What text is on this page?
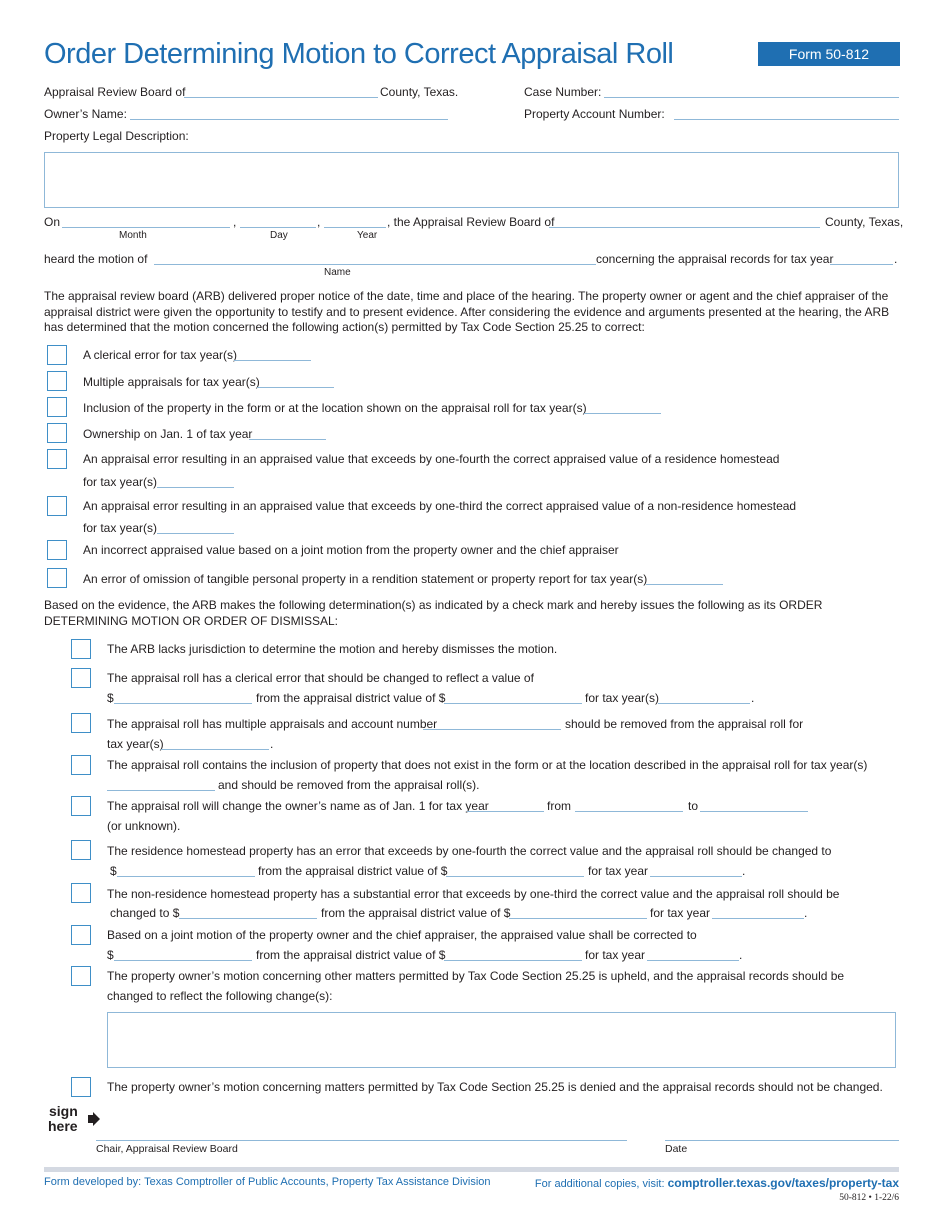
Order Determining Motion to Correct Appraisal Roll	Form 50-812
Appraisal Review Board of	County, Texas.	Case Number:
Owner’s Name:	Property Account Number:
Property Legal Description:
On	,	,	, the Appraisal Review Board of	County, Texas,
Month	Day	Year
heard the motion of	concerning the appraisal records for tax year	.
Name
The appraisal review board (ARB) delivered proper notice of the date, time and place of the hearing. The property owner or agent and the chief appraiser of the appraisal district were given the opportunity to testify and to present evidence. After considering the evidence and arguments presented at the hearing, the ARB has determined that the motion concerned the following action(s) permitted by Tax Code Section 25.25 to correct:
A clerical error for tax year(s)
Multiple appraisals for tax year(s)
Inclusion of the property in the form or at the location shown on the appraisal roll for tax year(s)
Ownership on Jan. 1 of tax year
An appraisal error resulting in an appraised value that exceeds by one-fourth the correct appraised value of a residence homestead
for tax year(s)
An appraisal error resulting in an appraised value that exceeds by one-third the correct appraised value of a non-residence homestead
for tax year(s)
An incorrect appraised value based on a joint motion from the property owner and the chief appraiser
An error of omission of tangible personal property in a rendition statement or property report for tax year(s)
Based on the evidence, the ARB makes the following determination(s) as indicated by a check mark and hereby issues the following as its ORDER DETERMINING MOTION OR ORDER OF DISMISSAL:
The ARB lacks jurisdiction to determine the motion and hereby dismisses the motion.
The appraisal roll has a clerical error that should be changed to reflect a value of
$	from the appraisal district value of $	for tax year(s)	.
The appraisal roll has multiple appraisals and account number	should be removed from the appraisal roll for
tax year(s)	.
The appraisal roll contains the inclusion of property that does not exist in the form or at the location described in the appraisal roll for tax year(s)
and should be removed from the appraisal roll(s).
The appraisal roll will change the owner’s name as of Jan. 1 for tax year	from	to
(or unknown).
The residence homestead property has an error that exceeds by one-fourth the correct value and the appraisal roll should be changed to
$	from the appraisal district value of $	for tax year	.
The non-residence homestead property has a substantial error that exceeds by one-third the correct value and the appraisal roll should be
changed to $	from the appraisal district value of $	for tax year	.
Based on a joint motion of the property owner and the chief appraiser, the appraised value shall be corrected to
$	from the appraisal district value of $	for tax year	.
The property owner’s motion concerning other matters permitted by Tax Code Section 25.25 is upheld, and the appraisal records should be
changed to reflect the following change(s):
The property owner’s motion concerning matters permitted by Tax Code Section 25.25 is denied and the appraisal records should not be changed.
sign
here
Chair, Appraisal Review Board	Date
Form developed by: Texas Comptroller of Public Accounts, Property Tax Assistance Division	For additional copies, visit: comptroller.texas.gov/taxes/property-tax
50-812 • 1-22/6
